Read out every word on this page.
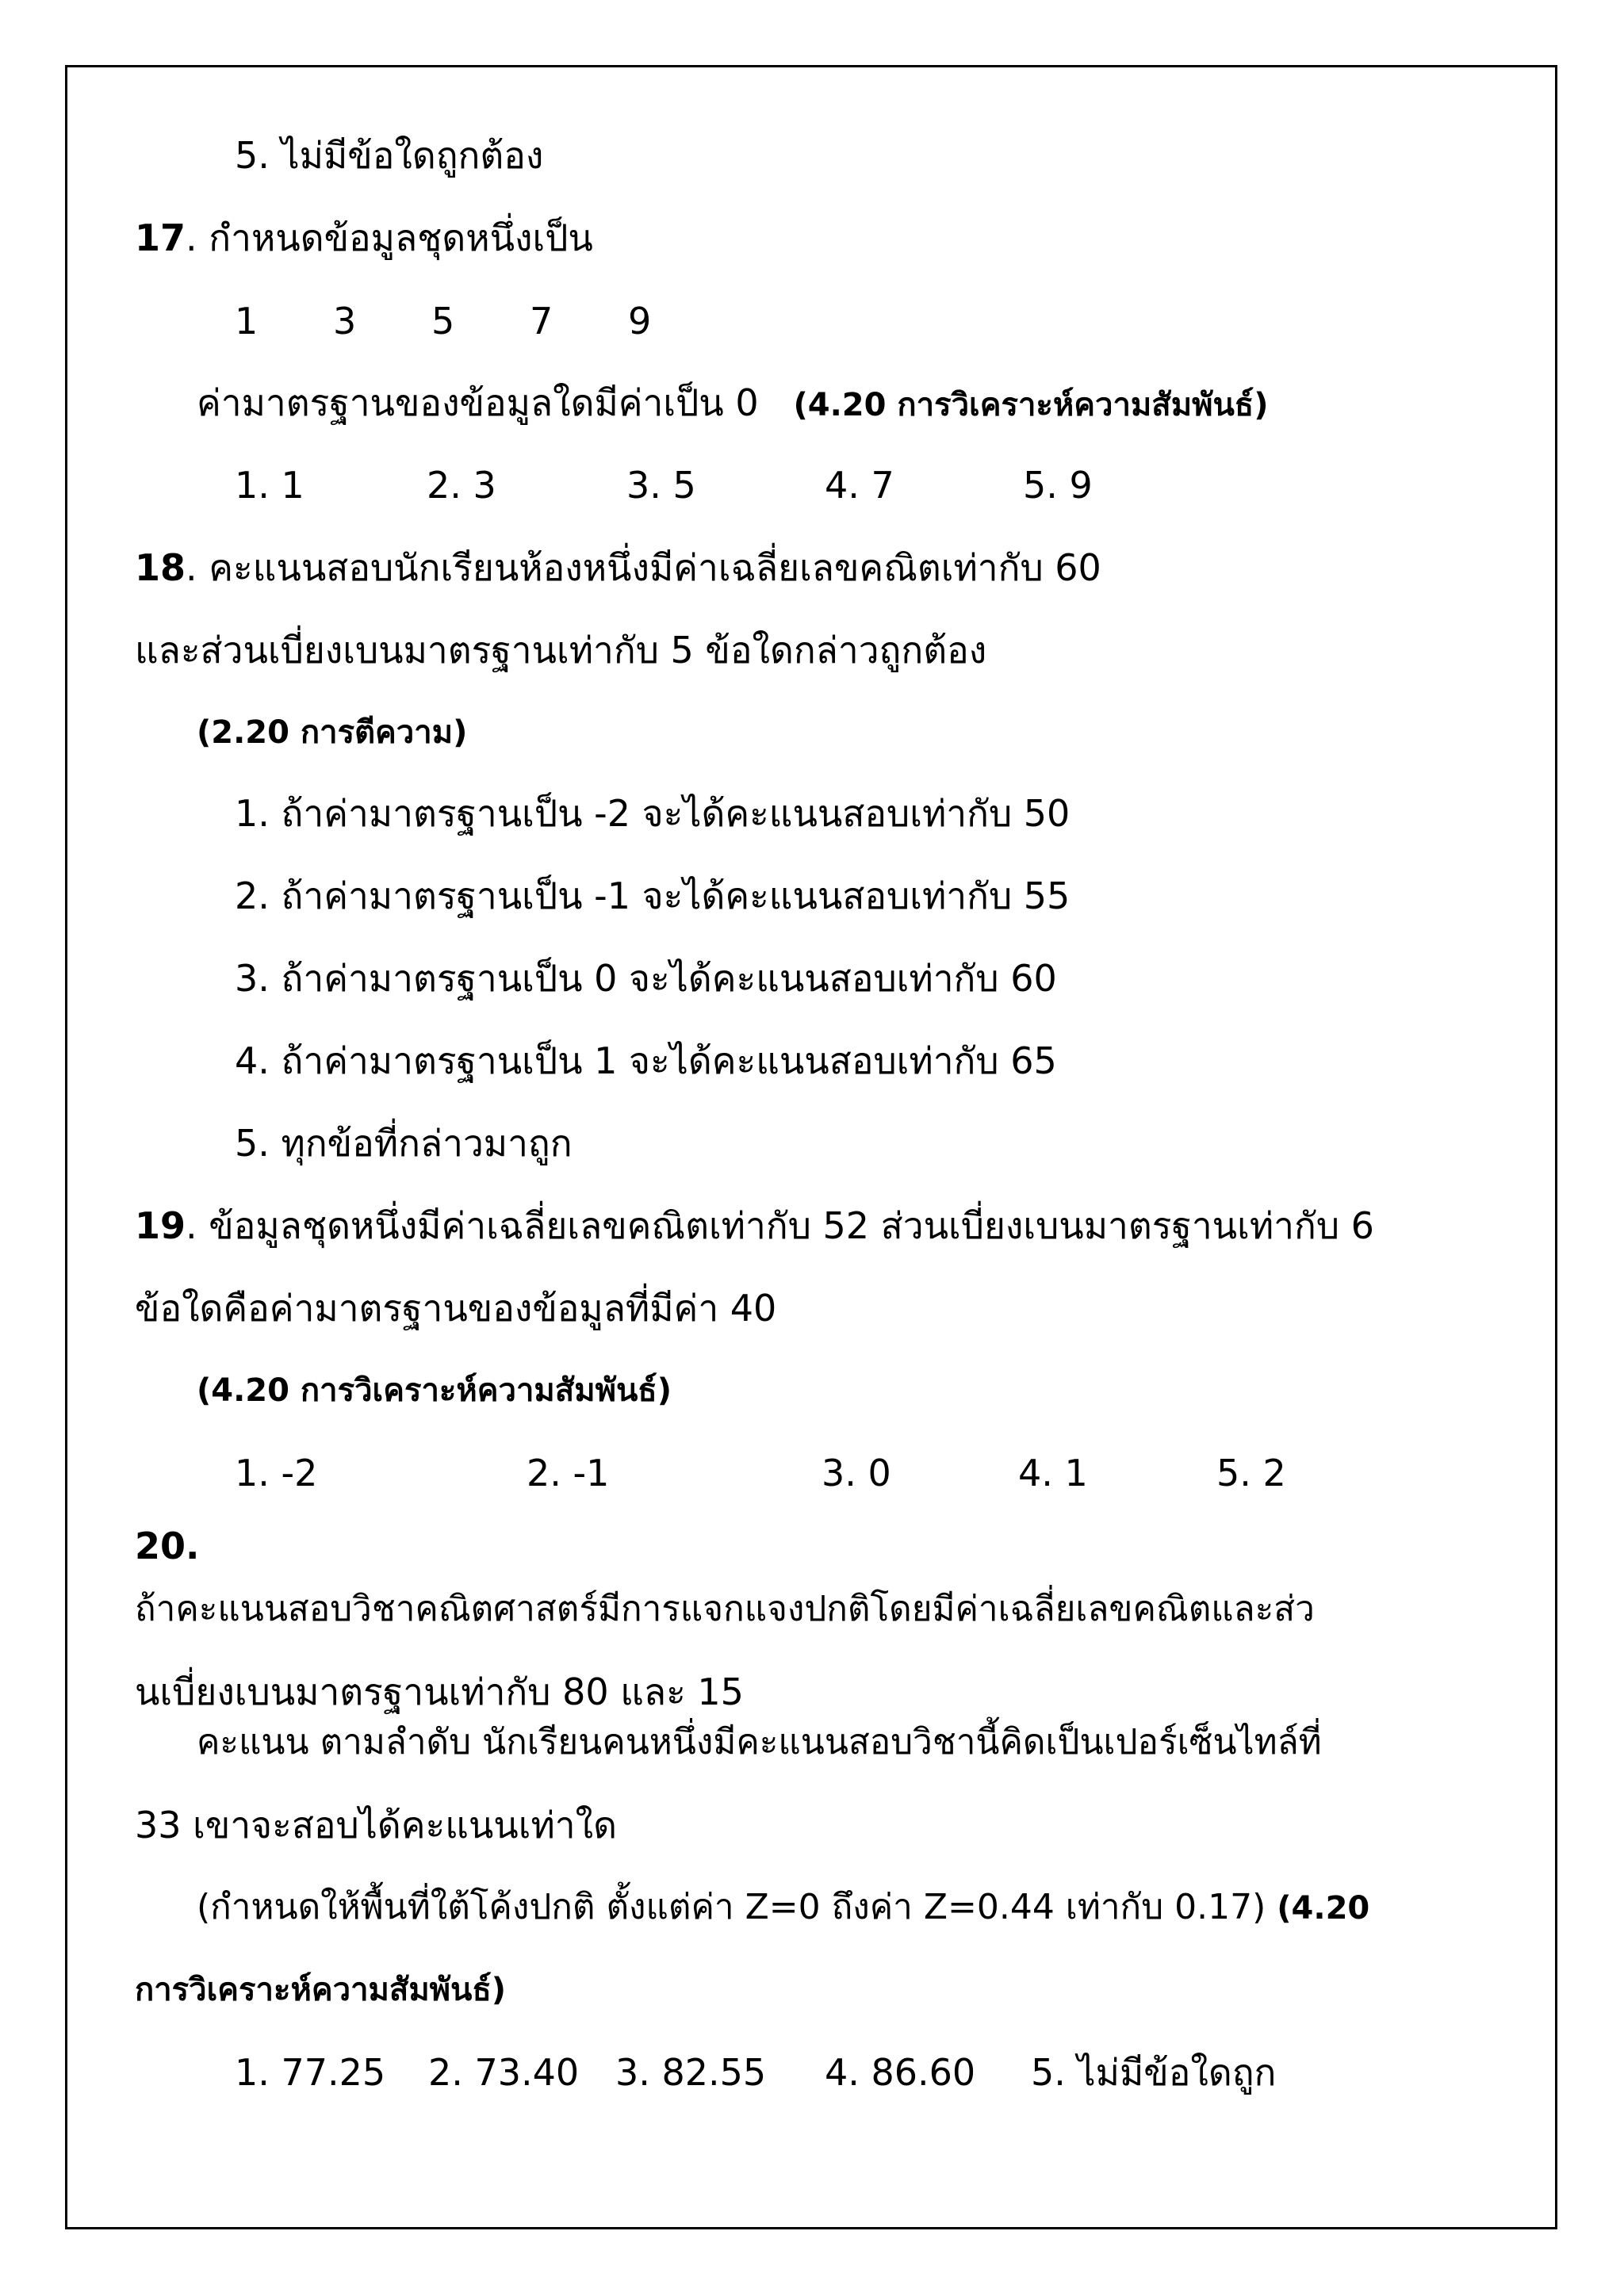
5. ไม่มีข้อใดถูกต้อง
17. กำหนดข้อมูลชุดหนึ่งเป็น
1 3 5 7 9
ค่ามาตรฐานของข้อมูลใดมีค่าเป็น 0 (4.20 การวิเคราะห์ความสัมพันธ์)
1. 1	2. 3	3. 5	4. 7	5. 9
18. คะแนนสอบนักเรียนห้องหนึ่งมีค่าเฉลี่ยเลขคณิตเท่ากับ 60
และส่วนเบี่ยงเบนมาตรฐานเท่ากับ 5 ข้อใดกล่าวถูกต้อง
(2.20 การตีความ)
1. ถ้าค่ามาตรฐานเป็น -2 จะได้คะแนนสอบเท่ากับ 50
2. ถ้าค่ามาตรฐานเป็น -1 จะได้คะแนนสอบเท่ากับ 55
3. ถ้าค่ามาตรฐานเป็น 0 จะได้คะแนนสอบเท่ากับ 60
4. ถ้าค่ามาตรฐานเป็น 1 จะได้คะแนนสอบเท่ากับ 65
5. ทุกข้อที่กล่าวมาถูก
19. ข้อมูลชุดหนึ่งมีค่าเฉลี่ยเลขคณิตเท่ากับ 52 ส่วนเบี่ยงเบนมาตรฐานเท่ากับ 6
ข้อใดคือค่ามาตรฐานของข้อมูลที่มีค่า 40
(4.20 การวิเคราะห์ความสัมพันธ์)
1. -2	2. -1	3. 0	4. 1	5. 2
20.
ถ้าคะแนนสอบวิชาคณิตศาสตร์มีการแจกแจงปกติโดยมีค่าเฉลี่ยเลขคณิตและส่ว
นเบี่ยงเบนมาตรฐานเท่ากับ 80 และ 15
คะแนน ตามลำดับ นักเรียนคนหนึ่งมีคะแนนสอบวิชานี้คิดเป็นเปอร์เซ็นไทล์ที่
33 เขาจะสอบได้คะแนนเท่าใด
(กำหนดให้พื้นที่ใต้โค้งปกติ ตั้งแต่ค่า Z=0 ถึงค่า Z=0.44 เท่ากับ 0.17) (4.20
การวิเคราะห์ความสัมพันธ์)
1. 77.25 2. 73.40 3. 82.55 4. 86.60 5. ไม่มีข้อใดถูก
